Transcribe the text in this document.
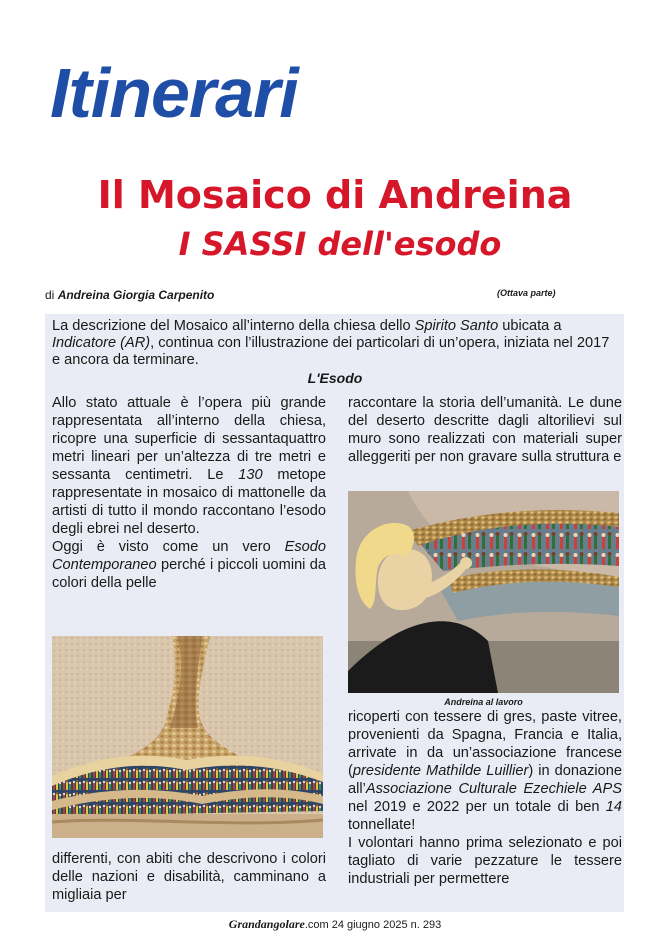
Itinerari
Il Mosaico di Andreina
I SASSI dell'esodo
di Andreina Giorgia Carpenito	(Ottava parte)

La descrizione del Mosaico all’interno della chiesa dello Spirito Santo ubicata a Indicatore (AR), continua con l’illustrazione dei particolari di un’opera, iniziata nel 2017 e ancora da terminare.

L'Esodo

Allo stato attuale è l’opera più grande rappresentata all’interno della chiesa, ricopre una superficie di sessantaquattro metri lineari per un’altezza di tre metri e sessanta centimetri. Le 130 metope rappresentate in mosaico di mattonelle da artisti di tutto il mondo raccontano l’esodo degli ebrei nel deserto.

Oggi è visto come un vero Esodo Contemporaneo perché i piccoli uomini da colori della pelle

differenti, con abiti che descrivono i colori delle nazioni e disabilità, camminano a migliaia per

raccontare la storia dell’umanità. Le dune del deserto descritte dagli altorilievi sul muro sono realizzati con materiali super alleggeriti per non gravare sulla struttura e

Andreina al lavoro

ricoperti con tessere di gres, paste vitree, provenienti da Spagna, Francia e Italia, arrivate in da un’associazione francese (presidente Mathilde Luillier) in donazione all’Associazione Culturale Ezechiele APS nel 2019 e 2022 per un totale di ben 14 tonnellate!

I volontari hanno prima selezionato e poi tagliato di varie pezzature le tessere industriali per permettere

Grandangolare.com 24 giugno 2025 n. 293
